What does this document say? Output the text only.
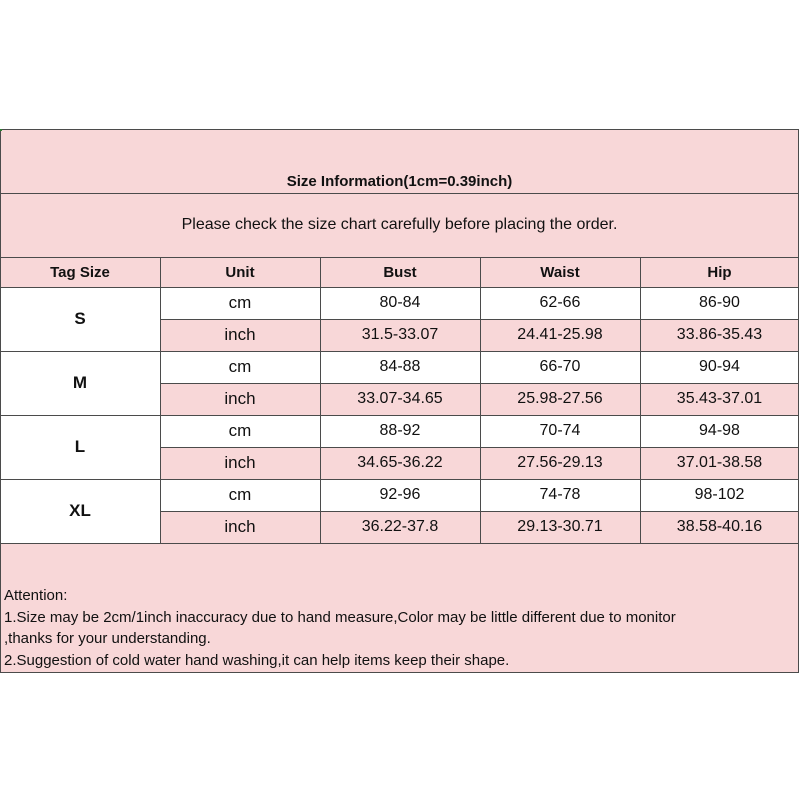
Size Information(1cm=0.39inch)
Please check the size chart carefully before placing the order.
Tag Size	Unit	Bust	Waist	Hip
S
cm	80-84	62-66	86-90
inch	31.5-33.07	24.41-25.98	33.86-35.43
M
cm	84-88	66-70	90-94
inch	33.07-34.65	25.98-27.56	35.43-37.01
L
cm	88-92	70-74	94-98
inch	34.65-36.22	27.56-29.13	37.01-38.58
XL
cm	92-96	74-78	98-102
inch	36.22-37.8	29.13-30.71	38.58-40.16
Attention:
1.Size may be 2cm/1inch inaccuracy due to hand measure,Color may be little different due to monitor
,thanks for your understanding.
2.Suggestion of cold water hand washing,it can help items keep their shape.
